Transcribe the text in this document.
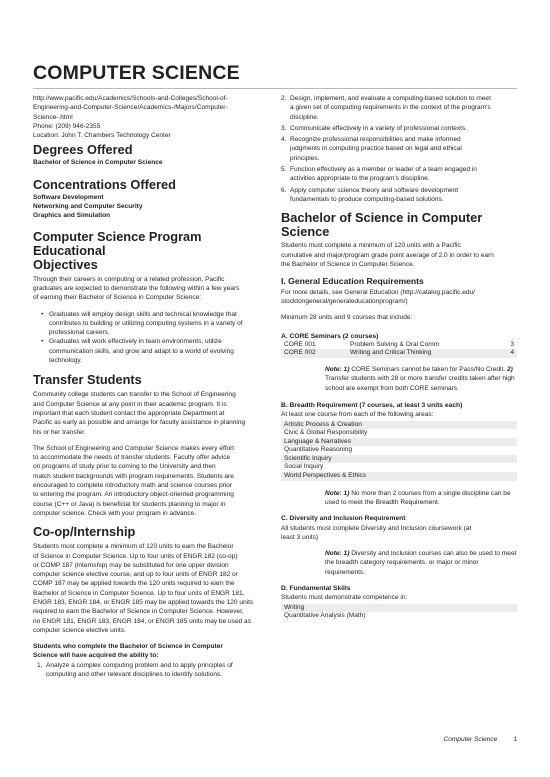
COMPUTER SCIENCE

http://www.pacific.edu/Academics/Schools-and-Colleges/School-of-
Engineering-and-Computer-Science/Academics-/Majors/Computer-
Science-.html

Phone: (209) 946-2355

Location: John T. Chambers Technology Center

Degrees Offered

Bachelor of Science in Computer Science

Concentrations Offered

Software Development
Networking and Computer Security
Graphics and Simulation

Computer Science Program Educational
Objectives

Through their careers in computing or a related profession, Pacific
graduates are expected to demonstrate the following within a few years
of earning their Bachelor of Science in Computer Science:

• Graduates will employ design skills and technical knowledge that
contributes to building or utilizing computing systems in a variety of
professional careers.
• Graduates will work effectively in team environments, utilize
communication skills, and grow and adapt to a world of evolving
technology.
Transfer Students

Community college students can transfer to the School of Engineering
and Computer Science at any point in their academic program. It is
important that each student contact the appropriate Department at
Pacific as early as possible and arrange for faculty assistance in planning
his or her transfer.

The School of Engineering and Computer Science makes every effort
to accommodate the needs of transfer students. Faculty offer advice
on programs of study prior to coming to the University and then
match student backgrounds with program requirements. Students are
encouraged to complete introductory math and science courses prior
to entering the program. An introductory object-oriented programming
course (C++ or Java) is beneficial for students planning to major in
computer science. Check with your program in advance.

Co-op/Internship

Students must complete a minimum of 120 units to earn the Bachelor
of Science in Computer Science. Up to four units of ENGR 182 (co-op)
or COMP 187 (internship) may be substituted for one upper division
computer science elective course, and up to four units of ENGR 182 or
COMP 187 may be applied towards the 120 units required to earn the
Bachelor of Science in Computer Science. Up to four units of ENGR 181,
ENGR 183, ENGR 184, or ENGR 185 may be applied towards the 120 units
required to earn the Bachelor of Science in Computer Science. However,
no ENGR 181, ENGR 183, ENGR 184, or ENGR 185 units may be used as
computer science elective units.

Students who complete the Bachelor of Science in Computer
Science will have acquired the ability to:

1. Analyze a complex computing problem and to apply principles of
computing and other relevant disciplines to identify solutions.
2. Design, implement, and evaluate a computing-based solution to meet
a given set of computing requirements in the context of the program's
discipline.
3. Communicate effectively in a variety of professional contexts.
4. Recognize professional responsibilities and make informed
judgments in computing practice based on legal and ethical
principles.
5. Function effectively as a member or leader of a team engaged in
activities appropriate to the program's discipline.
6. Apply computer science theory and software development
fundamentals to produce computing-based solutions.
Bachelor of Science in Computer Science

Students must complete a minimum of 120 units with a Pacific
cumulative and major/program grade point average of 2.0 in order to earn
the Bachelor of Science in Computer Science.

I. General Education Requirements

For more details, see General Education (http://catalog.pacific.edu/
stocktongeneral/generaleducationprogram/)

Minimum 28 units and 9 courses that include:

A. CORE Seminars (2 courses)

CORE 001	Problem Solving & Oral Comm	3
CORE 002	Writing and Critical Thinking	4

Note: 1) CORE Seminars cannot be taken for Pass/No Credit. 2)
Transfer students with 28 or more transfer credits taken after high
school are exempt from both CORE seminars.

B. Breadth Requirement (7 courses, at least 3 units each)

At least one course from each of the following areas:

Artistic Process & Creation
Civic & Global Responsibility
Language & Narratives
Quantitative Reasoning
Scientific Inquiry
Social Inquiry
World Perspectives & Ethics

Note: 1) No more than 2 courses from a single discipline can be
used to meet the Breadth Requirement.

C. Diversity and Inclusion Requirement

All students must complete Diversity and Inclusion coursework (at
least 3 units)

Note: 1) Diversity and Inclusion courses can also be used to meet
the breadth category requirements, or major or minor requirements.

D. Fundamental Skills

Students must demonstrate competence in:

Writing
Quantitative Analysis (Math)
Computer Science 1
